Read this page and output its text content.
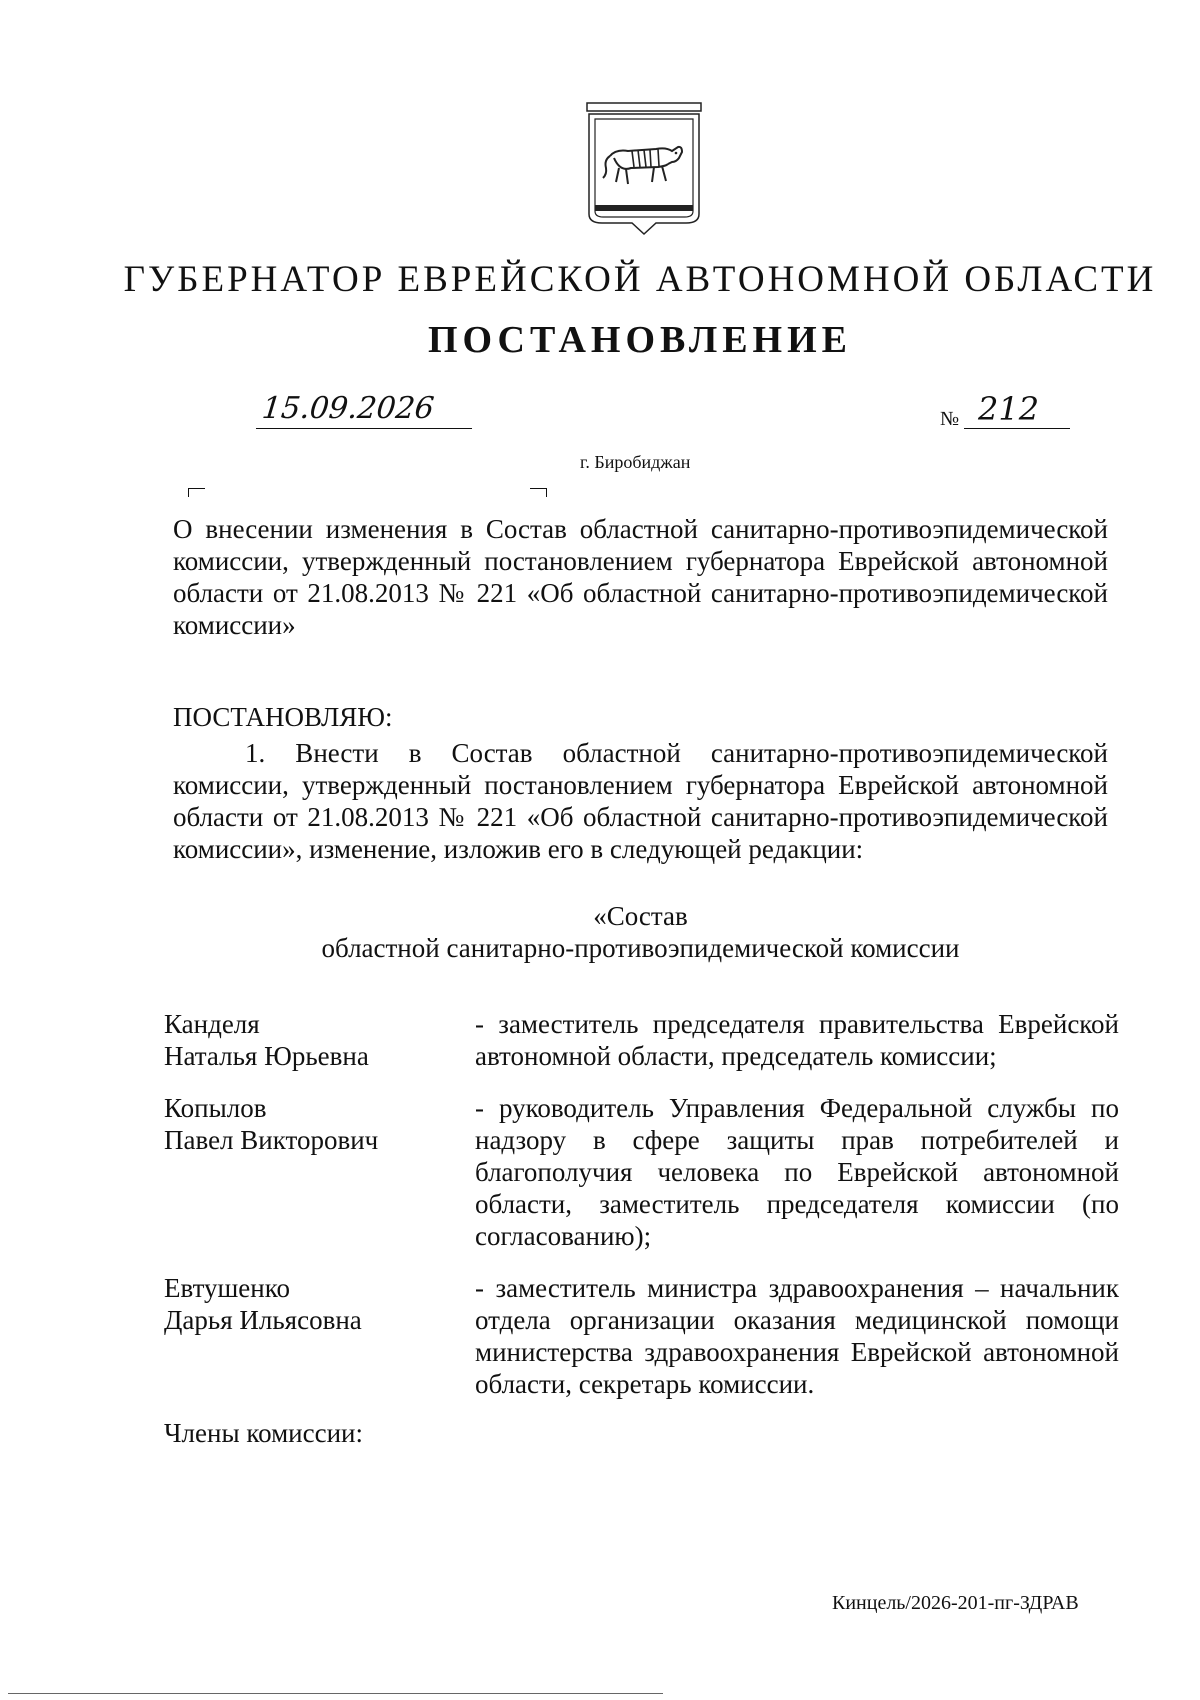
ГУБЕРНАТОР ЕВРЕЙСКОЙ АВТОНОМНОЙ ОБЛАСТИ
ПОСТАНОВЛЕНИЕ
15.09.2026	№ 212
г. Биробиджан
О внесении изменения в Состав областной санитарно-противоэпидемической комиссии, утвержденный постановлением губернатора Еврейской автономной области от 21.08.2013 № 221 «Об областной санитарно-противоэпидемической комиссии»
ПОСТАНОВЛЯЮ:
1. Внести в Состав областной санитарно-противоэпидемической комиссии, утвержденный постановлением губернатора Еврейской автономной области от 21.08.2013 № 221 «Об областной санитарно-противоэпидемической комиссии», изменение, изложив его в следующей редакции:
«Состав
областной санитарно-противоэпидемической комиссии
Канделя
Наталья Юрьевна
- заместитель председателя правительства Еврейской автономной области, председатель комиссии;
Копылов
Павел Викторович
- руководитель Управления Федеральной службы по надзору в сфере защиты прав потребителей и благополучия человека по Еврейской автономной области, заместитель председателя комиссии (по согласованию);
Евтушенко
Дарья Ильясовна
- заместитель министра здравоохранения – начальник отдела организации оказания медицинской помощи министерства здравоохранения Еврейской автономной области, секретарь комиссии.
Члены комиссии:
Кинцель/2026-201-пг-ЗДРАВ
